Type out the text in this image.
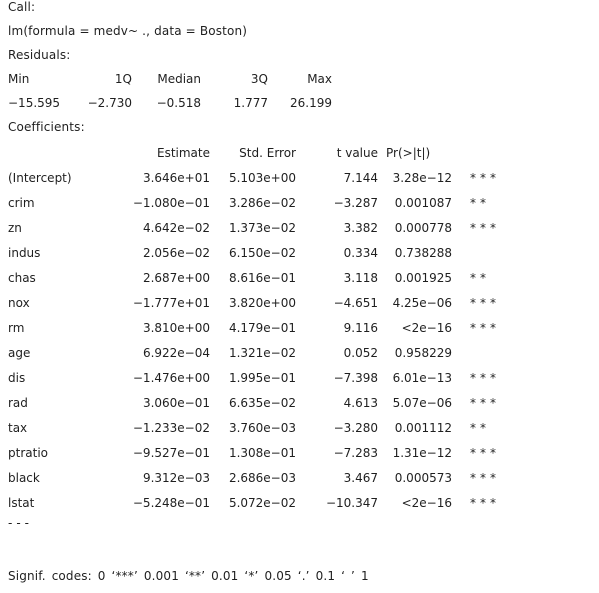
Call:
lm(formula = medv~ ., data = Boston)
Residuals:
Min	1Q Median	3Q	Max
−15.595 −2.730 −0.518	1.777 26.199
Coefficients:
Estimate Std. Error	t value Pr(>|t|)
(Intercept)	3.646e+01 5.103e+00	7.144 3.28e−12 ***
crim	−1.080e−01 3.286e−02	−3.287 0.001087 **
zn	4.642e−02 1.373e−02	3.382 0.000778 ***
indus	2.056e−02 6.150e−02	0.334 0.738288
chas	2.687e+00 8.616e−01	3.118 0.001925 **
nox	−1.777e+01 3.820e+00	−4.651 4.25e−06 ***
rm	3.810e+00 4.179e−01	9.116 <2e−16 ***
age	6.922e−04 1.321e−02	0.052 0.958229
dis	−1.476e+00 1.995e−01	−7.398 6.01e−13 ***
rad	3.060e−01 6.635e−02	4.613 5.07e−06 ***
tax	−1.233e−02 3.760e−03	−3.280 0.001112 **
ptratio	−9.527e−01 1.308e−01	−7.283 1.31e−12 ***
black	9.312e−03 2.686e−03	3.467 0.000573 ***
lstat	−5.248e−01 5.072e−02 −10.347 <2e−16 ***
---
Signif. codes: 0 ‘***’ 0.001 ‘**’ 0.01 ‘*’ 0.05 ‘.’ 0.1 ‘ ’ 1
